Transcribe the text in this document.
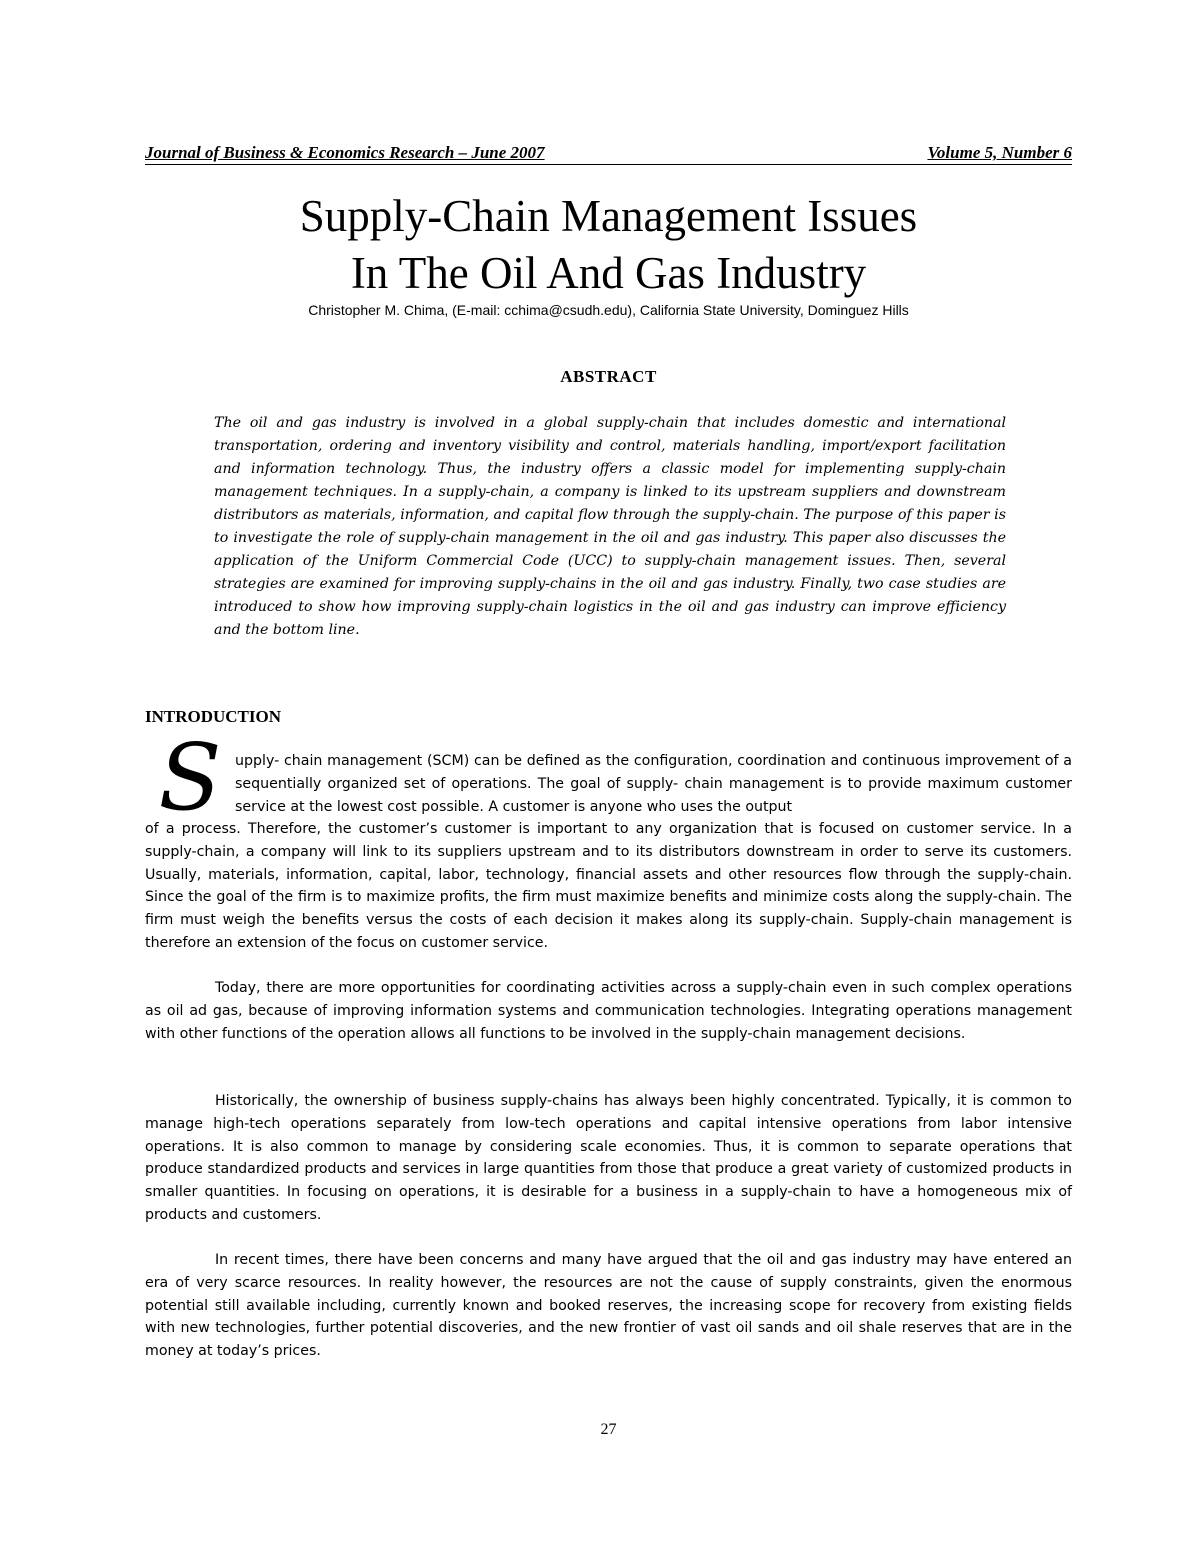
Journal of Business & Economics Research – June 2007	Volume 5, Number 6
Supply-Chain Management Issues
In The Oil And Gas Industry
Christopher M. Chima, (E-mail: cchima@csudh.edu), California State University, Dominguez Hills
ABSTRACT

The oil and gas industry is involved in a global supply-chain that includes domestic and international transportation, ordering and inventory visibility and control, materials handling, import/export facilitation and information technology. Thus, the industry offers a classic model for implementing supply-chain management techniques. In a supply-chain, a company is linked to its upstream suppliers and downstream distributors as materials, information, and capital flow through the supply-chain. The purpose of this paper is to investigate the role of supply-chain management in the oil and gas industry. This paper also discusses the application of the Uniform Commercial Code (UCC) to supply-chain management issues. Then, several strategies are examined for improving supply-chains in the oil and gas industry. Finally, two case studies are introduced to show how improving supply-chain logistics in the oil and gas industry can improve efficiency and the bottom line.

INTRODUCTION
S upply- chain management (SCM) can be defined as the configuration, coordination and continuous improvement of a sequentially organized set of operations. The goal of supply- chain management is to provide maximum customer service at the lowest cost possible. A customer is anyone who uses the output

of a process. Therefore, the customer’s customer is important to any organization that is focused on customer service. In a supply-chain, a company will link to its suppliers upstream and to its distributors downstream in order to serve its customers. Usually, materials, information, capital, labor, technology, financial assets and other resources flow through the supply-chain. Since the goal of the firm is to maximize profits, the firm must maximize benefits and minimize costs along the supply-chain. The firm must weigh the benefits versus the costs of each decision it makes along its supply-chain. Supply-chain management is therefore an extension of the focus on customer service.

Today, there are more opportunities for coordinating activities across a supply-chain even in such complex operations as oil ad gas, because of improving information systems and communication technologies. Integrating operations management with other functions of the operation allows all functions to be involved in the supply-chain management decisions.

Historically, the ownership of business supply-chains has always been highly concentrated. Typically, it is common to manage high-tech operations separately from low-tech operations and capital intensive operations from labor intensive operations. It is also common to manage by considering scale economies. Thus, it is common to separate operations that produce standardized products and services in large quantities from those that produce a great variety of customized products in smaller quantities. In focusing on operations, it is desirable for a business in a supply-chain to have a homogeneous mix of products and customers.

In recent times, there have been concerns and many have argued that the oil and gas industry may have entered an era of very scarce resources. In reality however, the resources are not the cause of supply constraints, given the enormous potential still available including, currently known and booked reserves, the increasing scope for recovery from existing fields with new technologies, further potential discoveries, and the new frontier of vast oil sands and oil shale reserves that are in the money at today’s prices.

27
